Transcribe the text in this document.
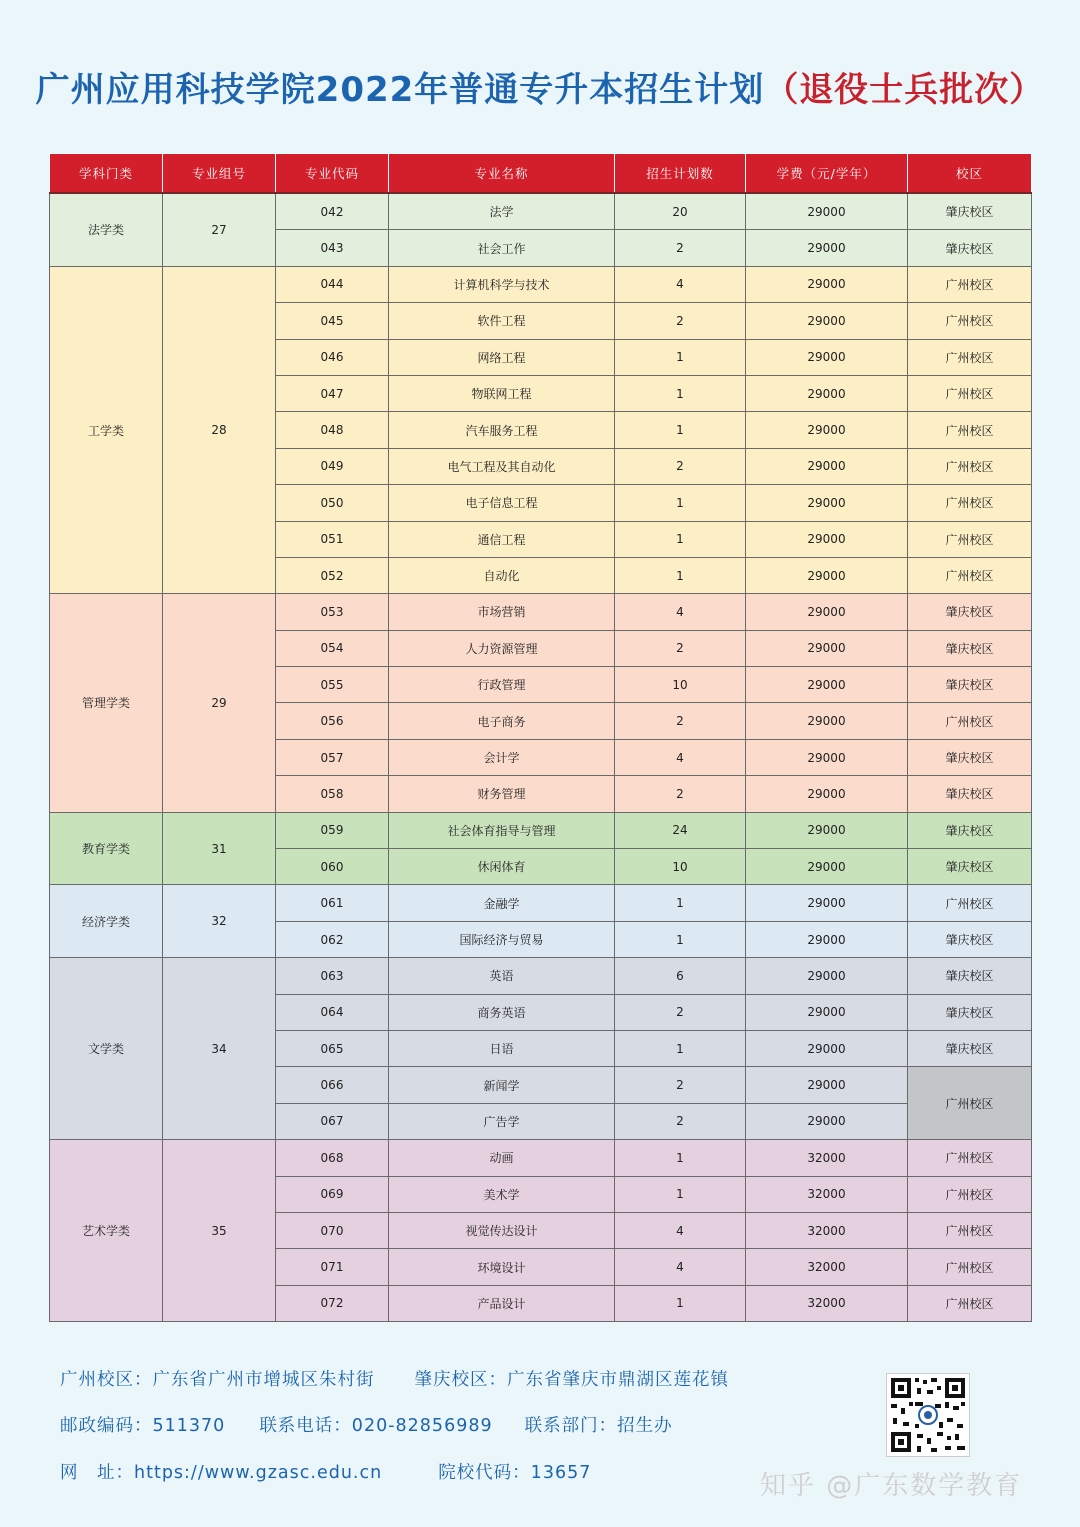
广州应用科技学院2022年普通专升本招生计划（退役士兵批次）
学科门类	专业组号	专业代码	专业名称	招生计划数	学费（元/学年）	校区
法学类	27	042	法学	20	29000	肇庆校区
		043	社会工作	2	29000	肇庆校区
工学类	28	044	计算机科学与技术	4	29000	广州校区
		045	软件工程	2	29000	广州校区
		046	网络工程	1	29000	广州校区
		047	物联网工程	1	29000	广州校区
		048	汽车服务工程	1	29000	广州校区
		049	电气工程及其自动化	2	29000	广州校区
		050	电子信息工程	1	29000	广州校区
		051	通信工程	1	29000	广州校区
		052	自动化	1	29000	广州校区
管理学类	29	053	市场营销	4	29000	肇庆校区
		054	人力资源管理	2	29000	肇庆校区
		055	行政管理	10	29000	肇庆校区
		056	电子商务	2	29000	广州校区
		057	会计学	4	29000	肇庆校区
		058	财务管理	2	29000	肇庆校区
教育学类	31	059	社会体育指导与管理	24	29000	肇庆校区
		060	休闲体育	10	29000	肇庆校区
经济学类	32	061	金融学	1	29000	广州校区
		062	国际经济与贸易	1	29000	肇庆校区
文学类	34	063	英语	6	29000	肇庆校区
		064	商务英语	2	29000	肇庆校区
		065	日语	1	29000	肇庆校区
		066	新闻学	2	29000	广州校区
		067	广告学	2	29000	
艺术学类	35	068	动画	1	32000	广州校区
		069	美术学	1	32000	广州校区
		070	视觉传达设计	4	32000	广州校区
		071	环境设计	4	32000	广州校区
		072	产品设计	1	32000	广州校区
广州校区：广东省广州市增城区朱村街 肇庆校区：广东省肇庆市鼎湖区莲花镇
邮政编码：511370 联系电话：020-82856989 联系部门：招生办
网　址：https://www.gzasc.edu.cn	院校代码：13657	知乎 @广东数学教育
